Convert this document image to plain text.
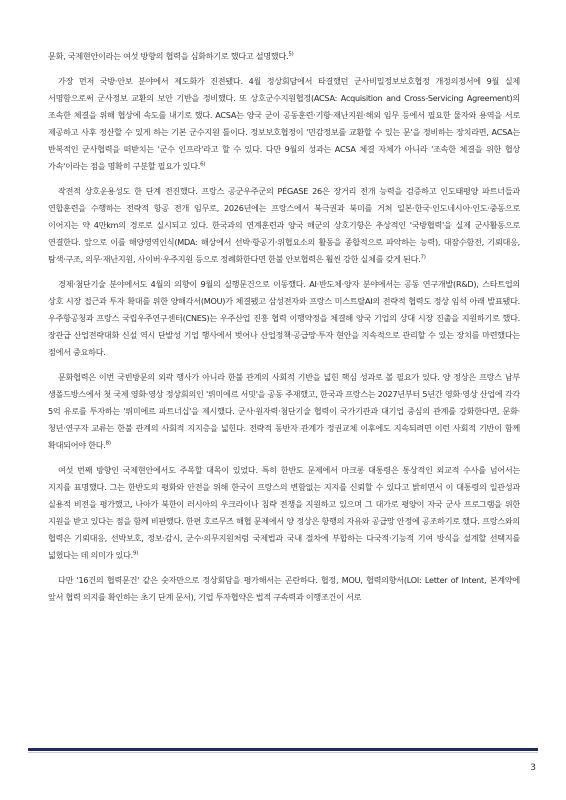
문화, 국제현안이라는 여섯 방향의 협력을 심화하기로 했다고 설명했다.$^{5)}$

가장 먼저 국방·안보 분야에서 제도화가 진전됐다. 4월 정상회담에서 타결했던 군사비밀정보보호협정 개정의정서에 9월 실제 서명함으로써 군사정보 교환의 보안 기반을 정비했다. 또 상호군수지원협정(ACSA: Acquisition and Cross-Servicing Agreement)의 조속한 체결을 위해 협상에 속도를 내기로 했다. ACSA는 양국 군이 공동훈련·기항·재난지원·해외 임무 등에서 필요한 물자와 용역을 서로 제공하고 사후 정산할 수 있게 하는 기본 군수지원 틀이다. 정보보호협정이 '민감정보를 교환할 수 있는 문'을 정비하는 장치라면, ACSA는 반복적인 군사협력을 떠받치는 '군수 인프라'라고 할 수 있다. 다만 9월의 성과는 ACSA 체결 자체가 아니라 '조속한 체결을 위한 협상 가속'이라는 점을 명확히 구분할 필요가 있다.$^{6)}$

작전적 상호운용성도 한 단계 전진했다. 프랑스 공군우주군의 PÉGASE 26은 장거리 전개 능력을 검증하고 인도태평양 파트너들과 연합훈련을 수행하는 전략적 항공 전개 임무로, 2026년에는 프랑스에서 북극권과 북미를 거쳐 일본·한국·인도네시아·인도·중동으로 이어지는 약 4만km의 경로로 실시되고 있다. 한국과의 연계훈련과 양국 해군의 상호기항은 추상적인 '국방협력'을 실제 군사활동으로 연결한다. 앞으로 이를 해양영역인식(MDA: 해상에서 선박·항공기·위협요소의 활동을 종합적으로 파악하는 능력), 대잠수함전, 기뢰대응, 탐색·구조, 의무·재난지원, 사이버·우주지원 등으로 정례화한다면 한불 안보협력은 훨씬 강한 실체를 갖게 된다.$^{7)}$

경제·첨단기술 분야에서도 4월의 의향이 9월의 실행문건으로 이동했다. AI·반도체·양자 분야에서는 공동 연구개발(R&D), 스타트업의 상호 시장 접근과 투자 확대를 위한 양해각서(MOU)가 체결됐고 삼성전자와 프랑스 미스트랄AI의 전략적 협력도 정상 임석 아래 발표됐다. 우주항공청과 프랑스 국립우주연구센터(CNES)는 우주산업 진흥 협력 이행약정을 체결해 양국 기업의 상대 시장 진출을 지원하기로 했다. 장관급 산업전략대화 신설 역시 단발성 기업 행사에서 벗어나 산업정책·공급망·투자 현안을 지속적으로 관리할 수 있는 장치를 마련했다는 점에서 중요하다.

문화협력은 이번 국빈방문의 외곽 행사가 아니라 한불 관계의 사회적 기반을 넓힌 핵심 성과로 볼 필요가 있다. 양 정상은 프랑스 남부 생폴드방스에서 첫 국제 영화·영상 정상회의인 '뤼미에르 서밋'을 공동 주재했고, 한국과 프랑스는 2027년부터 5년간 영화·영상 산업에 각각 5억 유로를 투자하는 '뤼미에르 파트너십'을 제시했다. 군사·원자력·첨단기술 협력이 국가기관과 대기업 중심의 관계를 강화한다면, 문화·청년·연구자 교류는 한불 관계의 사회적 지지층을 넓힌다. 전략적 동반자 관계가 정권교체 이후에도 지속되려면 이런 사회적 기반이 함께 확대되어야 한다.$^{8)}$

여섯 번째 방향인 국제현안에서도 주목할 대목이 있었다. 특히 한반도 문제에서 마크롱 대통령은 통상적인 외교적 수사를 넘어서는 지지를 표명했다. 그는 한반도의 평화와 안전을 위해 한국이 프랑스의 변함없는 지지를 신뢰할 수 있다고 밝히면서 이 대통령의 일관성과 실용적 비전을 평가했고, 나아가 북한이 러시아의 우크라이나 침략 전쟁을 지원하고 있으며 그 대가로 평양이 자국 군사 프로그램을 위한 지원을 받고 있다는 점을 함께 비판했다. 한편 호르무즈 해협 문제에서 양 정상은 항행의 자유와 공급망 안정에 공조하기로 했다. 프랑스와의 협력은 기뢰대응, 선박보호, 정보·감시, 군수·의무지원처럼 국제법과 국내 절차에 부합하는 다국적·기능적 기여 방식을 설계할 선택지를 넓혔다는 데 의미가 있다.$^{9)}$

다만 '16건의 협력문건' 같은 숫자만으로 정상회담을 평가해서는 곤란하다. 협정, MOU, 협력의향서(LOI: Letter of Intent, 본계약에 앞서 협력 의지를 확인하는 초기 단계 문서), 기업 투자협약은 법적 구속력과 이행조건이 서로

3
